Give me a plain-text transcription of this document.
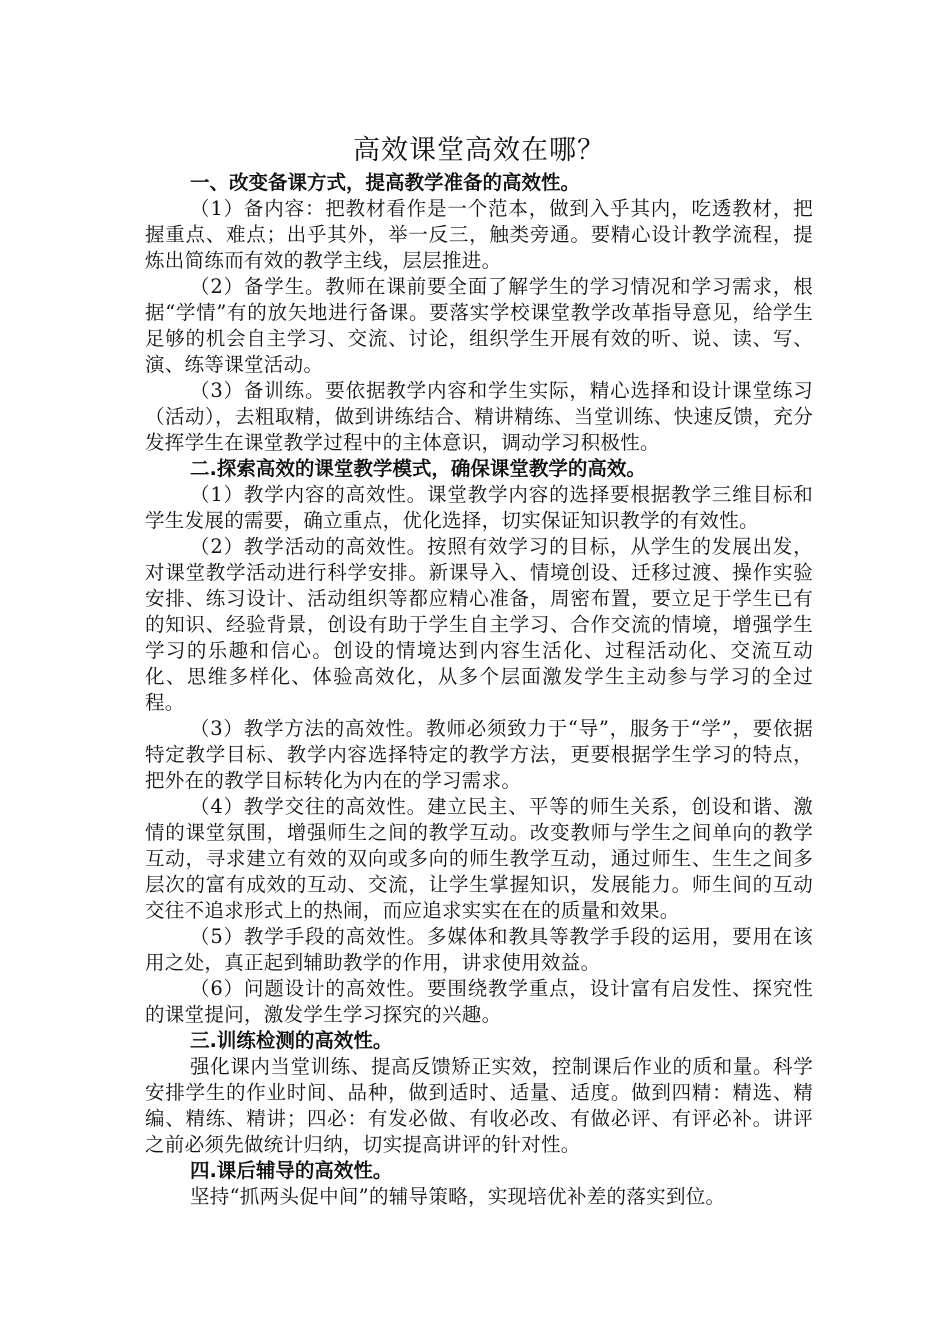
高效课堂高效在哪？

一、改变备课方式，提高教学准备的高效性。

（1）备内容：把教材看作是一个范本，做到入乎其内，吃透教材，把握重点、难点；出乎其外，举一反三，触类旁通。要精心设计教学流程，提炼出简练而有效的教学主线，层层推进。

（2）备学生。教师在课前要全面了解学生的学习情况和学习需求，根据“学情”有的放矢地进行备课。要落实学校课堂教学改革指导意见，给学生足够的机会自主学习、交流、讨论，组织学生开展有效的听、说、读、写、演、练等课堂活动。

（3）备训练。要依据教学内容和学生实际，精心选择和设计课堂练习（活动），去粗取精，做到讲练结合、精讲精练、当堂训练、快速反馈，充分发挥学生在课堂教学过程中的主体意识，调动学习积极性。

二.探索高效的课堂教学模式，确保课堂教学的高效。

（1）教学内容的高效性。课堂教学内容的选择要根据教学三维目标和学生发展的需要，确立重点，优化选择，切实保证知识教学的有效性。

（2）教学活动的高效性。按照有效学习的目标，从学生的发展出发，对课堂教学活动进行科学安排。新课导入、情境创设、迁移过渡、操作实验安排、练习设计、活动组织等都应精心准备，周密布置，要立足于学生已有的知识、经验背景，创设有助于学生自主学习、合作交流的情境，增强学生学习的乐趣和信心。创设的情境达到内容生活化、过程活动化、交流互动化、思维多样化、体验高效化，从多个层面激发学生主动参与学习的全过程。

（3）教学方法的高效性。教师必须致力于“导”，服务于“学”，要依据特定教学目标、教学内容选择特定的教学方法，更要根据学生学习的特点，把外在的教学目标转化为内在的学习需求。

（4）教学交往的高效性。建立民主、平等的师生关系，创设和谐、激情的课堂氛围，增强师生之间的教学互动。改变教师与学生之间单向的教学互动，寻求建立有效的双向或多向的师生教学互动，通过师生、生生之间多层次的富有成效的互动、交流，让学生掌握知识，发展能力。师生间的互动交往不追求形式上的热闹，而应追求实实在在的质量和效果。

（5）教学手段的高效性。多媒体和教具等教学手段的运用，要用在该用之处，真正起到辅助教学的作用，讲求使用效益。

（6）问题设计的高效性。要围绕教学重点，设计富有启发性、探究性的课堂提问，激发学生学习探究的兴趣。

三.训练检测的高效性。

强化课内当堂训练、提高反馈矫正实效，控制课后作业的质和量。科学安排学生的作业时间、品种，做到适时、适量、适度。做到四精：精选、精编、精练、精讲；四必：有发必做、有收必改、有做必评、有评必补。讲评之前必须先做统计归纳，切实提高讲评的针对性。

四.课后辅导的高效性。

坚持“抓两头促中间”的辅导策略，实现培优补差的落实到位。
